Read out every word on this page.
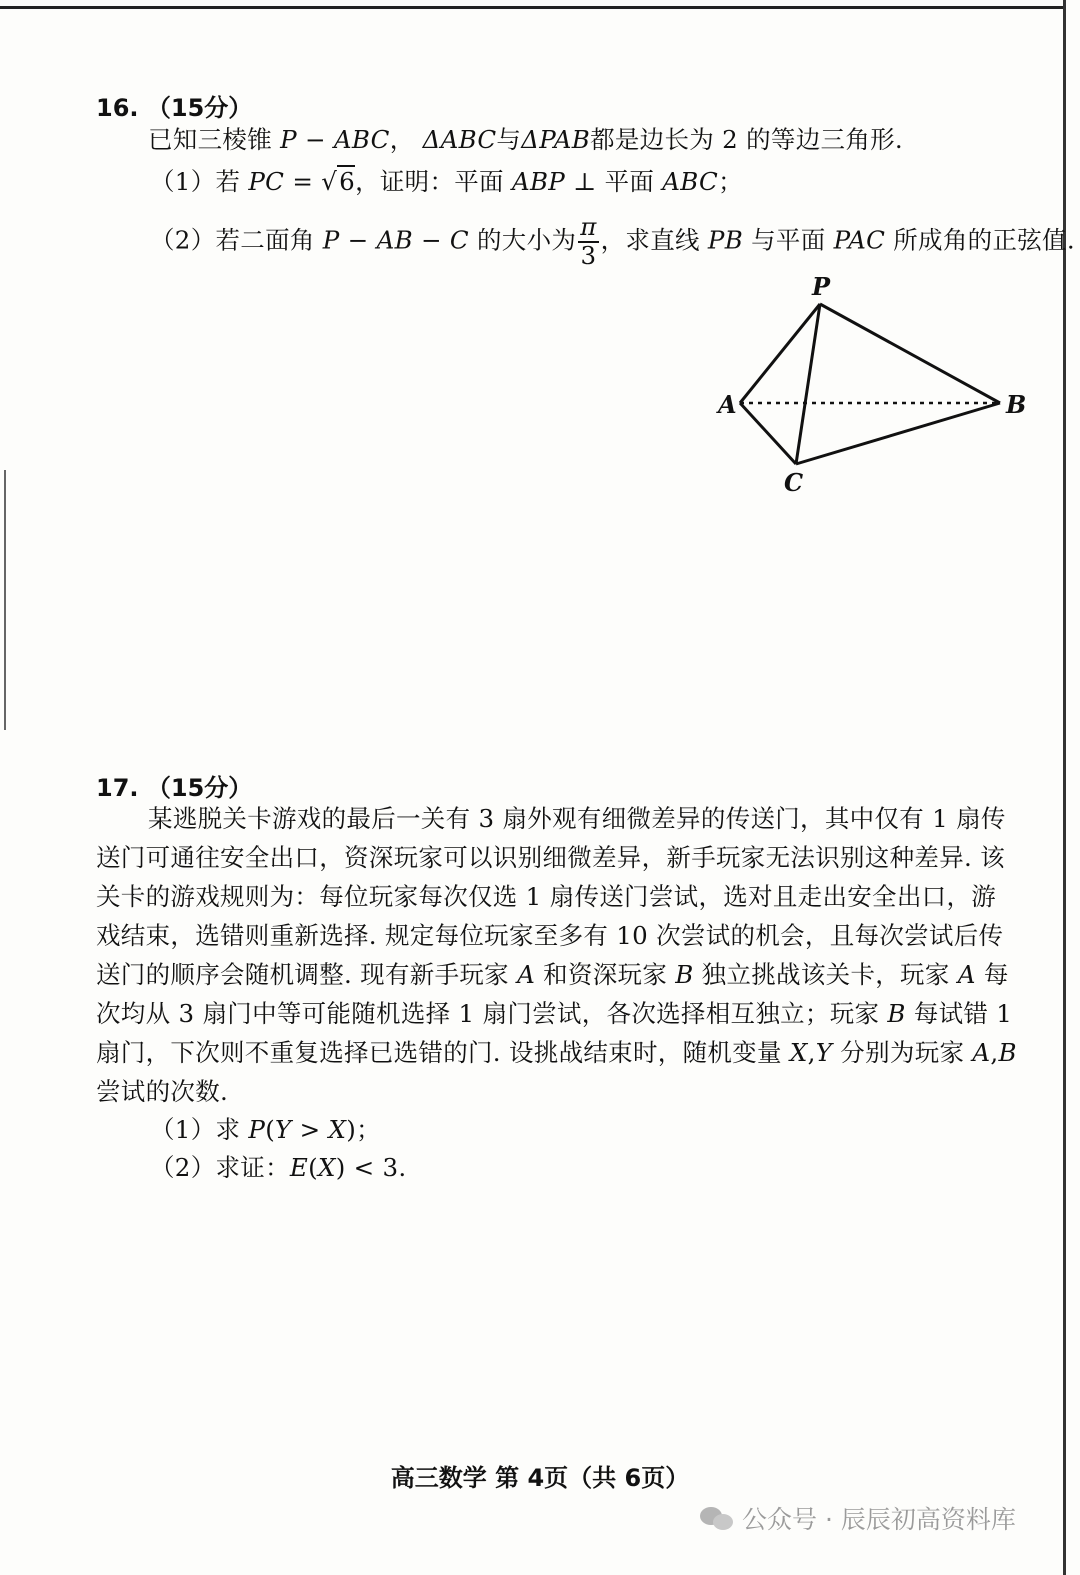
16. （15分）
已知三棱锥 P − ABC， ΔABC与ΔPAB都是边长为 2 的等边三角形.
（1）若 PC = √6，证明：平面 ABP ⊥ 平面 ABC；
（2）若二面角 P − AB − C 的大小为 $\frac{\pi}{3}$ ，求直线 PB 与平面 PAC 所成角的正弦值.
P
A	B
C
17. （15分）
某逃脱关卡游戏的最后一关有 3 扇外观有细微差异的传送门，其中仅有 1 扇传
送门可通往安全出口，资深玩家可以识别细微差异，新手玩家无法识别这种差异. 该
关卡的游戏规则为：每位玩家每次仅选 1 扇传送门尝试，选对且走出安全出口，游
戏结束，选错则重新选择. 规定每位玩家至多有 10 次尝试的机会，且每次尝试后传
送门的顺序会随机调整. 现有新手玩家 A 和资深玩家 B 独立挑战该关卡，玩家 A 每
次均从 3 扇门中等可能随机选择 1 扇门尝试，各次选择相互独立；玩家 B 每试错 1
扇门，下次则不重复选择已选错的门. 设挑战结束时，随机变量 X,Y 分别为玩家 A,B
尝试的次数.
（1）求 P(Y > X)；
（2）求证：E(X) < 3.
高三数学 第 4页（共 6页）
公众号 · 辰辰初高资料库
